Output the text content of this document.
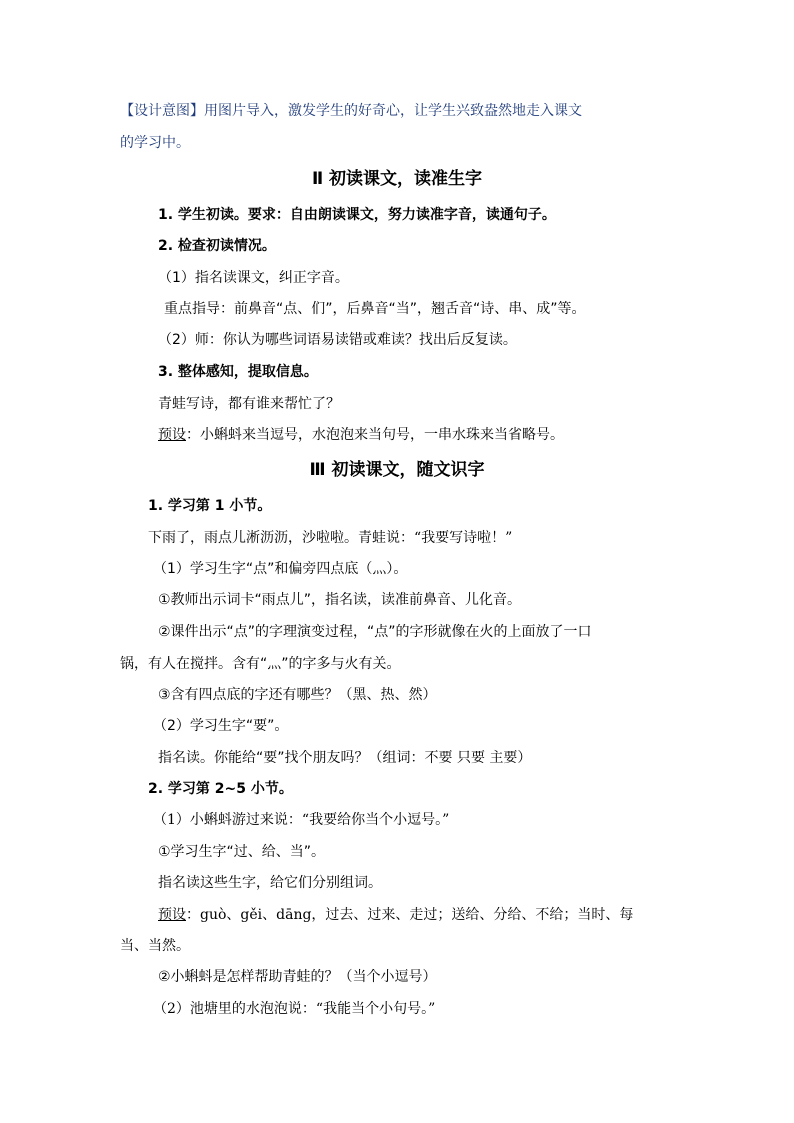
【设计意图】用图片导入，激发学生的好奇心，让学生兴致盎然地走入课文
的学习中。
Ⅱ 初读课文，读准生字
1. 学生初读。要求：自由朗读课文，努力读准字音，读通句子。
2. 检查初读情况。
（1）指名读课文，纠正字音。
重点指导：前鼻音“点、们”，后鼻音“当”，翘舌音“诗、串、成”等。
（2）师：你认为哪些词语易读错或难读？找出后反复读。
3. 整体感知，提取信息。
青蛙写诗，都有谁来帮忙了？
预设：小蝌蚪来当逗号，水泡泡来当句号，一串水珠来当省略号。
Ⅲ 初读课文，随文识字
1. 学习第 1 小节。
下雨了，雨点儿淅沥沥，沙啦啦。青蛙说：“我要写诗啦！”
（1）学习生字“点”和偏旁四点底（灬）。
①教师出示词卡“雨点儿”，指名读，读准前鼻音、儿化音。
②课件出示“点”的字理演变过程，“点”的字形就像在火的上面放了一口
锅，有人在搅拌。含有“灬”的字多与火有关。
③含有四点底的字还有哪些？（黑、热、然）
（2）学习生字“要”。
指名读。你能给“要”找个朋友吗？（组词：不要 只要 主要）
2. 学习第 2~5 小节。
（1）小蝌蚪游过来说：“我要给你当个小逗号。”
①学习生字“过、给、当”。
指名读这些生字，给它们分别组词。
预设：guò、gěi、dāng，过去、过来、走过；送给、分给、不给；当时、每
当、当然。
②小蝌蚪是怎样帮助青蛙的？（当个小逗号）
（2）池塘里的水泡泡说：“我能当个小句号。”
